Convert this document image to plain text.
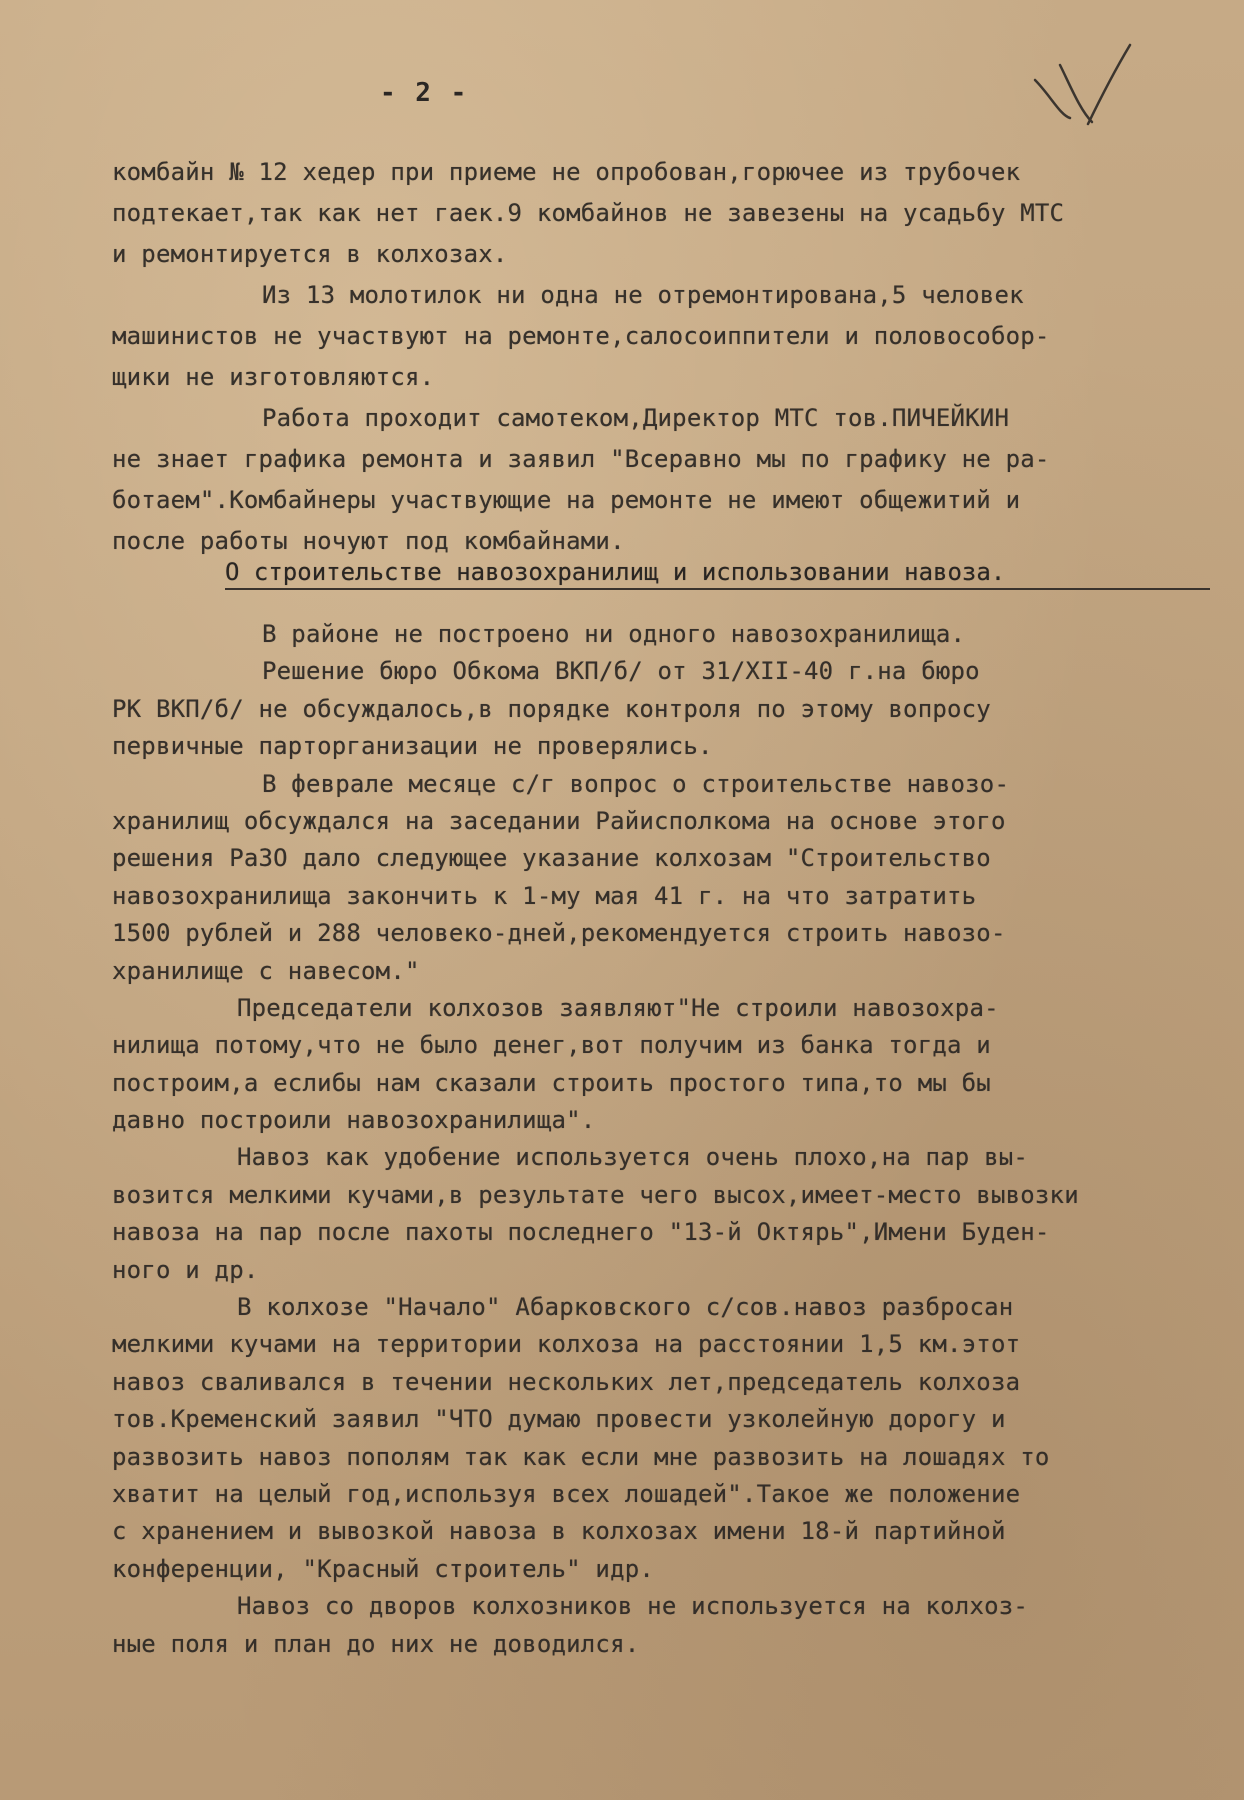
- 2 -
комбайн № 12 хедер при приеме не опробован,горючее из трубочек
подтекает,так как нет гаек.9 комбайнов не завезены на усадьбу МТС
и ремонтируется в колхозах.
Из 13 молотилок ни одна не отремонтирована,5 человек
машинистов не участвуют на ремонте,салосоиппители и половособор-
щики не изготовляются.
Работа проходит самотеком,Директор МТС тов.ПИЧЕЙКИН
не знает графика ремонта и заявил "Всеравно мы по графику не ра-
ботаем".Комбайнеры участвующие на ремонте не имеют общежитий и
после работы ночуют под комбайнами.
О строительстве навозохранилищ и использовании навоза.
В районе не построено ни одного навозохранилища.
Решение бюро Обкома ВКП/б/ от 31/XII-40 г.на бюро
РК ВКП/б/ не обсуждалось,в порядке контроля по этому вопросу
первичные парторганизации не проверялись.
В феврале месяце с/г вопрос о строительстве навозо-
хранилищ обсуждался на заседании Райисполкома на основе этого
решения РаЗО дало следующее указание колхозам "Строительство
навозохранилища закончить к 1-му мая 41 г. на что затратить
1500 рублей и 288 человеко-дней,рекомендуется строить навозо-
хранилище с навесом."
Председатели колхозов заявляют"Не строили навозохра-
нилища потому,что не было денег,вот получим из банка тогда и
построим,а еслибы нам сказали строить простого типа,то мы бы
давно построили навозохранилища".
Навоз как удобение используется очень плохо,на пар вы-
возится мелкими кучами,в результате чего высох,имеет-место вывозки
навоза на пар после пахоты последнего "13-й Октярь",Имени Буден-
ного и др.
В колхозе "Начало" Абарковского с/сов.навоз разбросан
мелкими кучами на территории колхоза на расстоянии 1,5 км.этот
навоз сваливался в течении нескольких лет,председатель колхоза
тов.Кременский заявил "ЧТО думаю провести узколейную дорогу и
развозить навоз пополям так как если мне развозить на лошадях то
хватит на целый год,используя всех лошадей".Такое же положение
с хранением и вывозкой навоза в колхозах имени 18-й партийной
конференции, "Красный строитель" идр.
Навоз со дворов колхозников не используется на колхоз-
ные поля и план до них не доводился.
